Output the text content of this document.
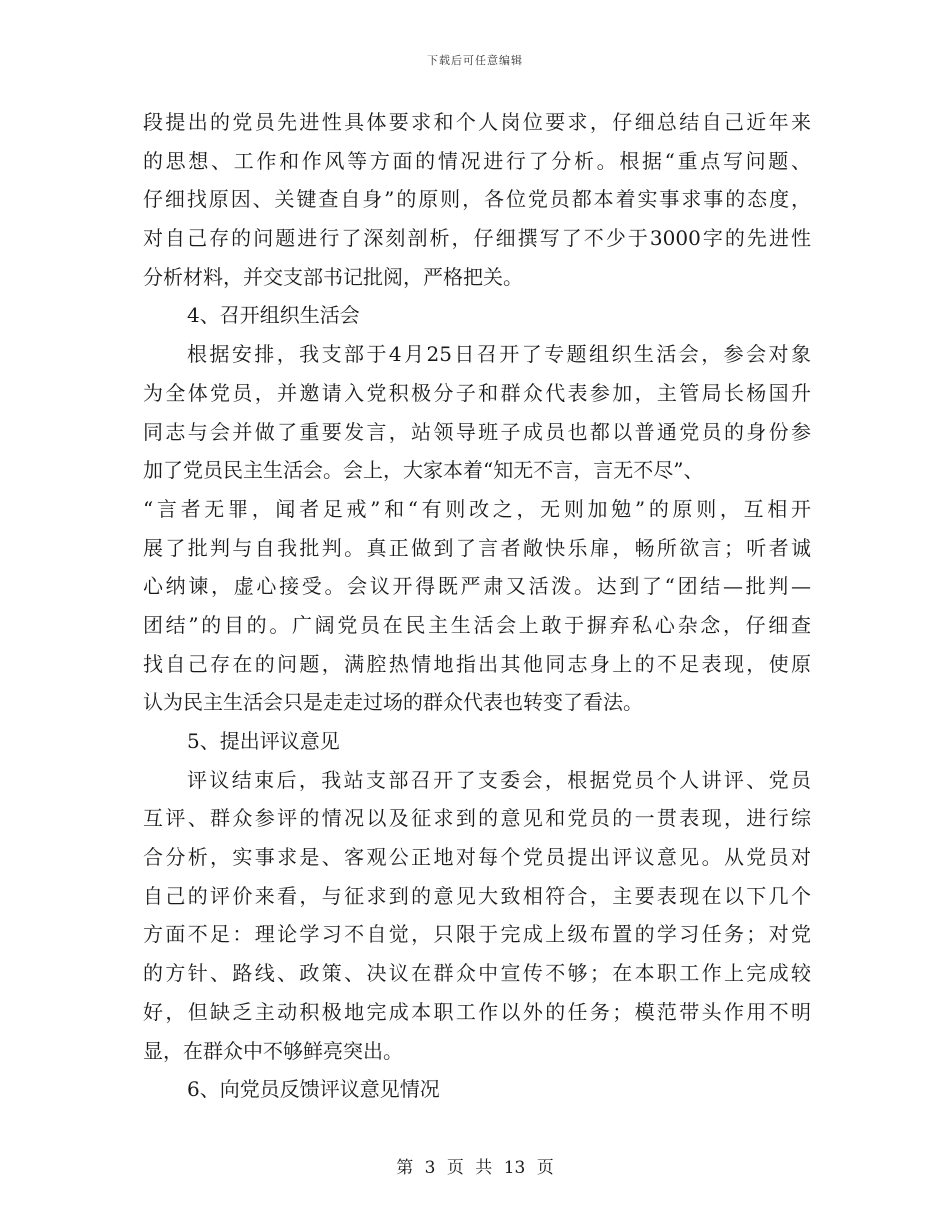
下载后可任意编辑
段提出的党员先进性具体要求和个人岗位要求，仔细总结自己近年来
的思想、工作和作风等方面的情况进行了分析。根据“重点写问题、
仔细找原因、关键查自身”的原则，各位党员都本着实事求事的态度，
对自己存的问题进行了深刻剖析，仔细撰写了不少于3000字的先进性
分析材料，并交支部书记批阅，严格把关。
4、召开组织生活会
根据安排，我支部于4月25日召开了专题组织生活会，参会对象
为全体党员，并邀请入党积极分子和群众代表参加，主管局长杨国升
同志与会并做了重要发言，站领导班子成员也都以普通党员的身份参
加了党员民主生活会。会上，大家本着“知无不言，言无不尽”、
“言者无罪，闻者足戒”和“有则改之，无则加勉”的原则，互相开
展了批判与自我批判。真正做到了言者敞快乐扉，畅所欲言；听者诚
心纳谏，虚心接受。会议开得既严肃又活泼。达到了“团结—批判—
团结”的目的。广阔党员在民主生活会上敢于摒弃私心杂念，仔细查
找自己存在的问题，满腔热情地指出其他同志身上的不足表现，使原
认为民主生活会只是走走过场的群众代表也转变了看法。
5、提出评议意见
评议结束后，我站支部召开了支委会，根据党员个人讲评、党员
互评、群众参评的情况以及征求到的意见和党员的一贯表现，进行综
合分析，实事求是、客观公正地对每个党员提出评议意见。从党员对
自己的评价来看，与征求到的意见大致相符合，主要表现在以下几个
方面不足：理论学习不自觉，只限于完成上级布置的学习任务；对党
的方针、路线、政策、决议在群众中宣传不够；在本职工作上完成较
好，但缺乏主动积极地完成本职工作以外的任务；模范带头作用不明
显，在群众中不够鲜亮突出。
6、向党员反馈评议意见情况
第 3 页 共 13 页
